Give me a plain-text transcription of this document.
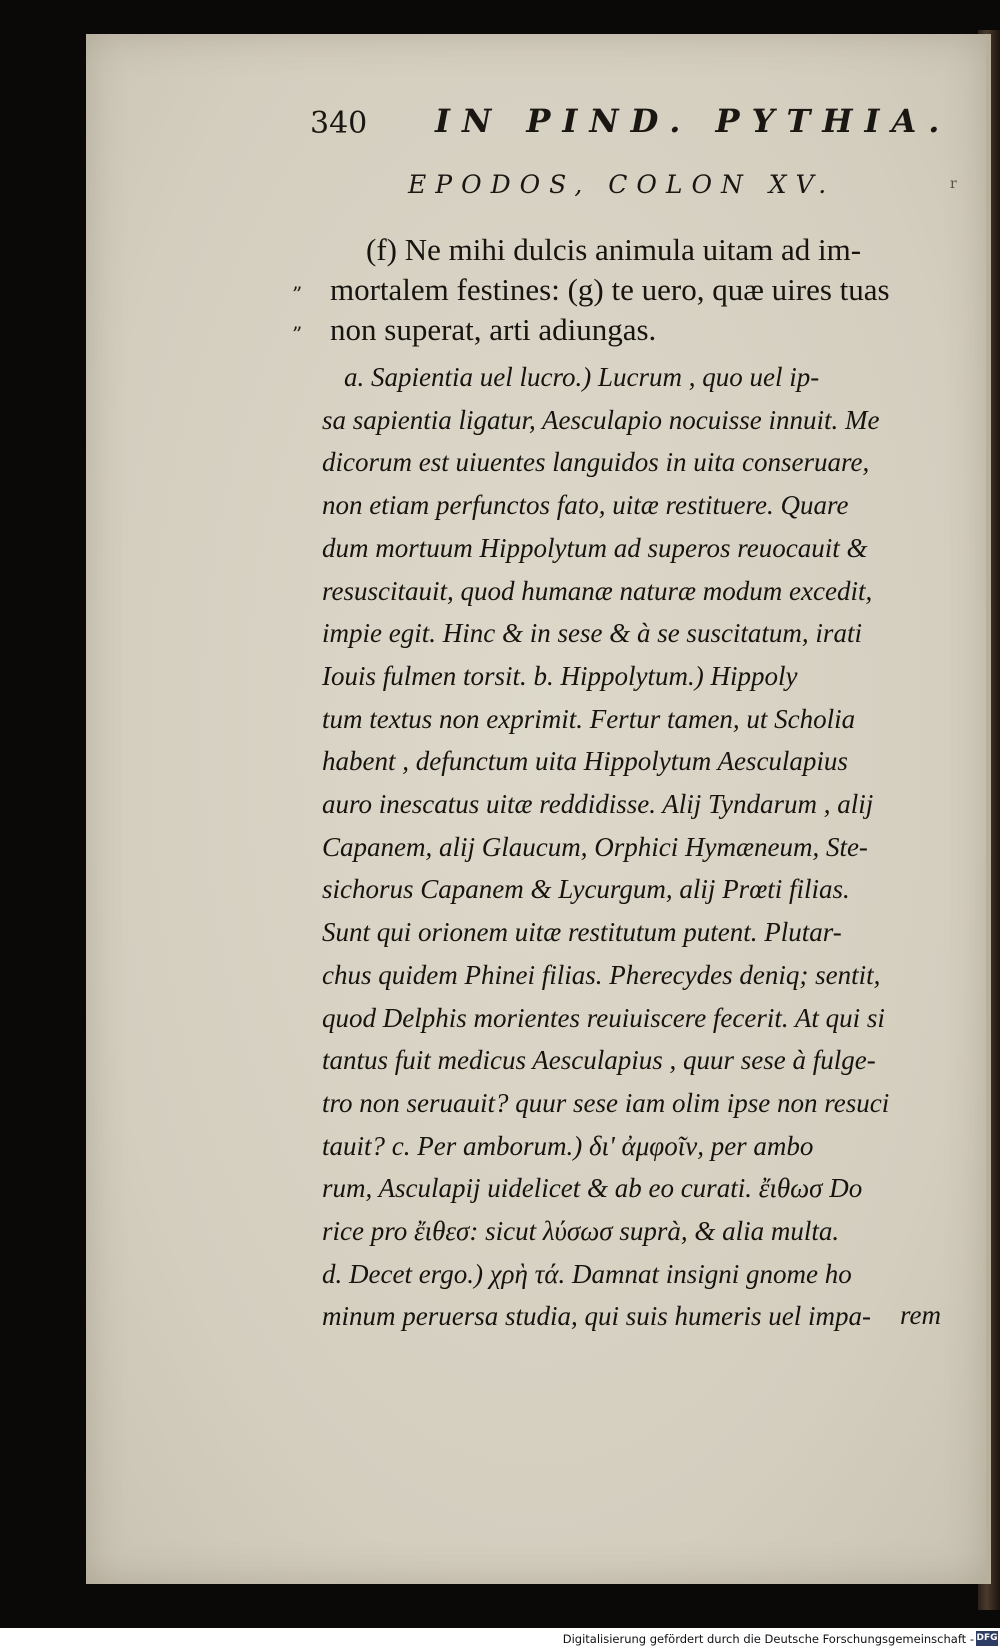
340 IN PIND. PYTHIA.
EPODOS, COLON XV.	r
”
”
(f) Ne mihi dulcis animula uitam ad im-
mortalem festines: (g) te uero, quæ uires tuas
non superat, arti adiungas.
a. Sapientia uel lucro.) Lucrum , quo uel ip-
sa sapientia ligatur, Aesculapio nocuisse innuit. Me
dicorum est uiuentes languidos in uita conseruare,
non etiam perfunctos fato, uitæ restituere. Quare
dum mortuum Hippolytum ad superos reuocauit &
resuscitauit, quod humanæ naturæ modum excedit,
impie egit. Hinc & in sese & à se suscitatum, irati
Iouis fulmen torsit. b. Hippolytum.) Hippoly
tum textus non exprimit. Fertur tamen, ut Scholia
habent , defunctum uita Hippolytum Aesculapius
auro inescatus uitæ reddidisse. Alij Tyndarum , alij
Capanem, alij Glaucum, Orphici Hymæneum, Ste-
sichorus Capanem & Lycurgum, alij Prœti filias.
Sunt qui orionem uitæ restitutum putent. Plutar-
chus quidem Phinei filias. Pherecydes deniq; sentit,
quod Delphis morientes reuiuiscere fecerit. At qui si
tantus fuit medicus Aesculapius , quur sese à fulge-
tro non seruauit? quur sese iam olim ipse non resuci
tauit? c. Per amborum.) δι' ἀμφοῖν, per ambo
rum, Asculapij uidelicet & ab eo curati. ἔιθωσ Do
rice pro ἔιθεσ: sicut λύσωσ suprà, & alia multa.
d. Decet ergo.) χρὴ τά. Damnat insigni gnome ho
minum peruersa studia, qui suis humeris uel impa-	rem
Digitalisierung gefördert durch die Deutsche Forschungsgemeinschaft - DFG
